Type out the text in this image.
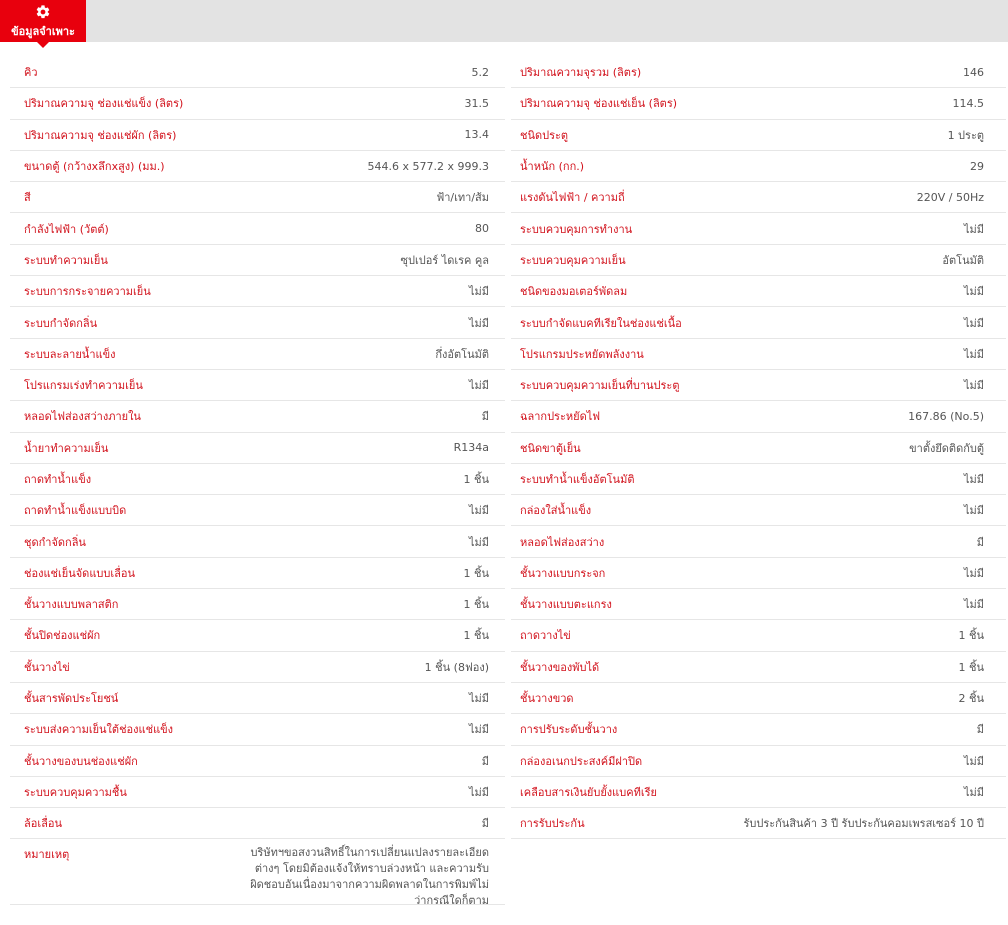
ข้อมูลจำเพาะ
คิว	5.2
ปริมาณความจุ ช่องแช่แข็ง (ลิตร)	31.5
ปริมาณความจุ ช่องแช่ผัก (ลิตร)	13.4
ขนาดตู้ (กว้างxลึกxสูง) (มม.)	544.6 x 577.2 x 999.3
สี	ฟ้า/เทา/ส้ม
กำลังไฟฟ้า (วัตต์)	80
ระบบทำความเย็น	ซุปเปอร์ ไดเรค คูล
ระบบการกระจายความเย็น	ไม่มี
ระบบกำจัดกลิ่น	ไม่มี
ระบบละลายน้ำแข็ง	กึ่งอัตโนมัติ
โปรแกรมเร่งทำความเย็น	ไม่มี
หลอดไฟส่องสว่างภายใน	มี
น้ำยาทำความเย็น	R134a
ถาดทำน้ำแข็ง	1 ชิ้น
ถาดทำน้ำแข็งแบบบิด	ไม่มี
ชุดกำจัดกลิ่น	ไม่มี
ช่องแช่เย็นจัดแบบเลื่อน	1 ชิ้น
ชั้นวางแบบพลาสติก	1 ชิ้น
ชั้นปิดช่องแช่ผัก	1 ชิ้น
ชั้นวางไข่	1 ชิ้น (8ฟอง)
ชั้นสารพัดประโยชน์	ไม่มี
ระบบส่งความเย็นใต้ช่องแช่แข็ง	ไม่มี
ชั้นวางของบนช่องแช่ผัก	มี
ระบบควบคุมความชื้น	ไม่มี
ล้อเลื่อน	มี
หมายเหตุ	บริษัทฯขอสงวนสิทธิ์ในการเปลี่ยนแปลงรายละเอียดต่างๆ โดยมิต้องแจ้งให้ทราบล่วงหน้า และความรับผิดชอบอันเนื่องมาจากความผิดพลาดในการพิมพ์ไม่ว่ากรณีใดก็ตาม
ปริมาณความจุรวม (ลิตร)	146
ปริมาณความจุ ช่องแช่เย็น (ลิตร)	114.5
ชนิดประตู	1 ประตู
น้ำหนัก (กก.)	29
แรงดันไฟฟ้า / ความถี่	220V / 50Hz
ระบบควบคุมการทำงาน	ไม่มี
ระบบควบคุมความเย็น	อัตโนมัติ
ชนิดของมอเตอร์พัดลม	ไม่มี
ระบบกำจัดแบคทีเรียในช่องแช่เนื้อ	ไม่มี
โปรแกรมประหยัดพลังงาน	ไม่มี
ระบบควบคุมความเย็นที่บานประตู	ไม่มี
ฉลากประหยัดไฟ	167.86 (No.5)
ชนิดขาตู้เย็น	ขาตั้งยึดติดกับตู้
ระบบทำน้ำแข็งอัตโนมัติ	ไม่มี
กล่องใส่น้ำแข็ง	ไม่มี
หลอดไฟส่องสว่าง	มี
ชั้นวางแบบกระจก	ไม่มี
ชั้นวางแบบตะแกรง	ไม่มี
ถาดวางไข่	1 ชิ้น
ชั้นวางของพับได้	1 ชิ้น
ชั้นวางขวด	2 ชิ้น
การปรับระดับชั้นวาง	มี
กล่องอเนกประสงค์มีฝาปิด	ไม่มี
เคลือบสารเงินยับยั้งแบคทีเรีย	ไม่มี
การรับประกัน	รับประกันสินค้า 3 ปี รับประกันคอมเพรสเซอร์ 10 ปี
